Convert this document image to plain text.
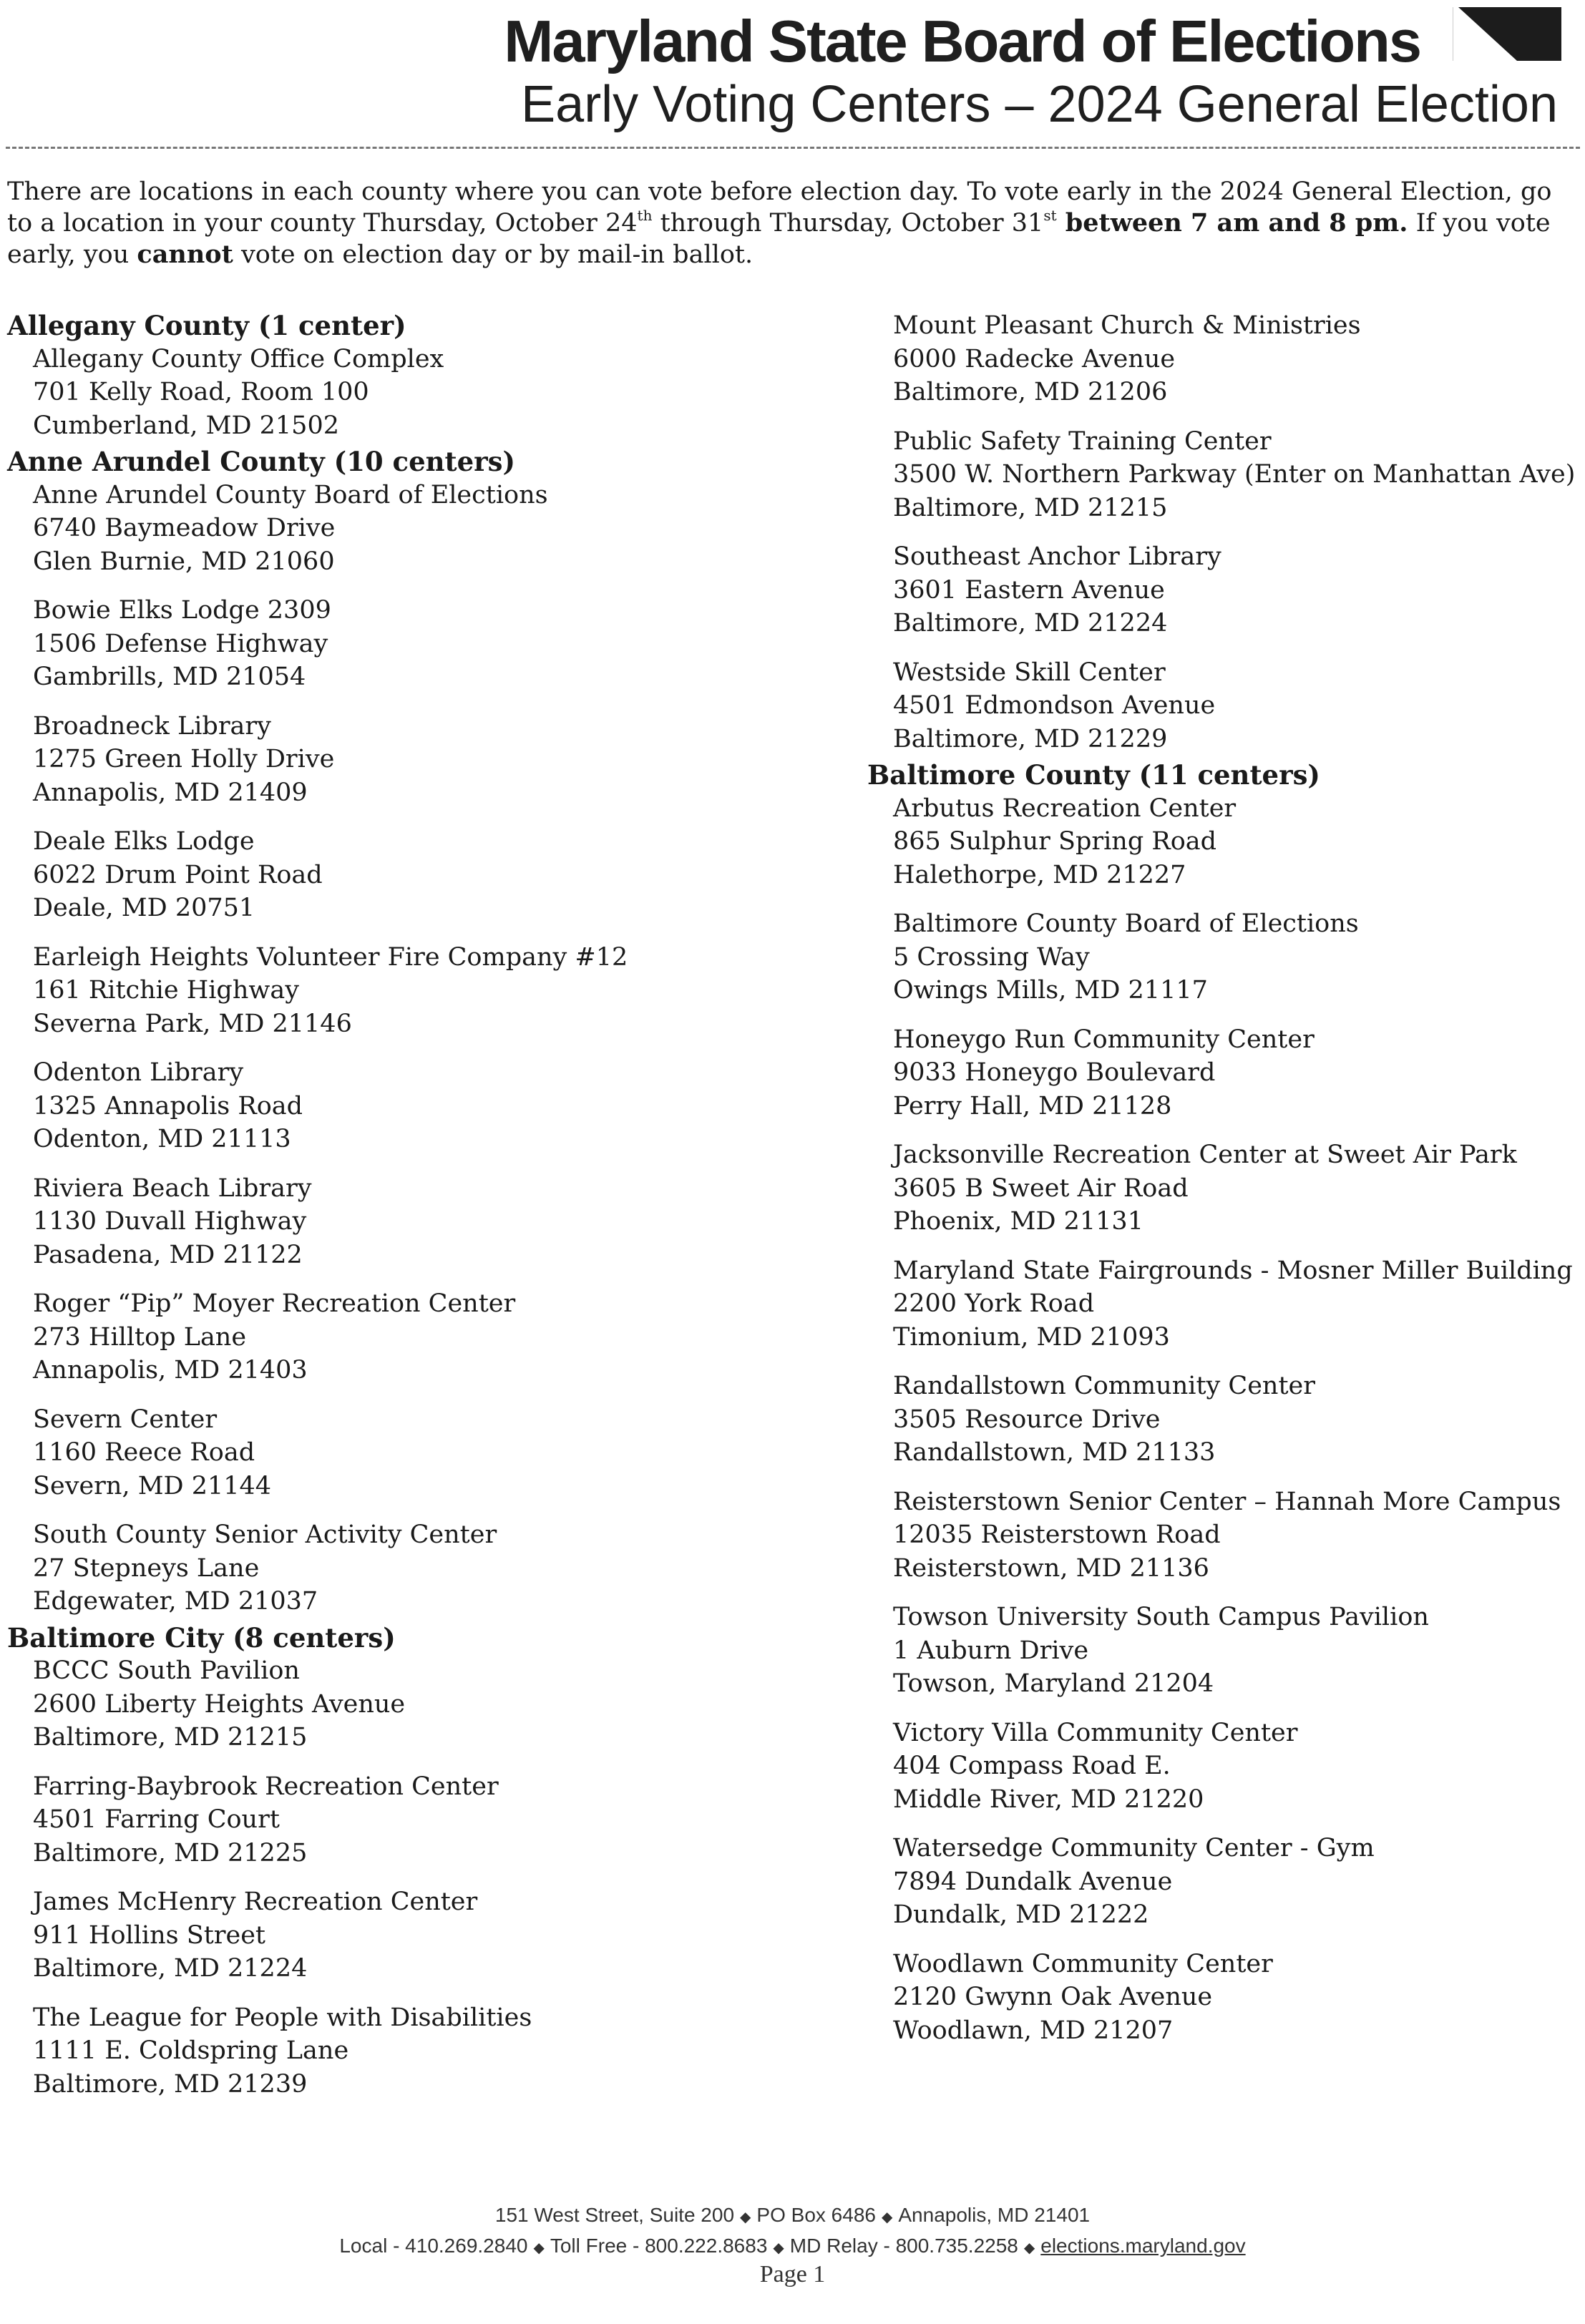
Maryland State Board of Elections
Early Voting Centers – 2024 General Election
There are locations in each county where you can vote before election day. To vote early in the 2024 General Election, go to a location in your county Thursday, October 24th through Thursday, October 31st between 7 am and 8 pm. If you vote early, you cannot vote on election day or by mail-in ballot.
Allegany County (1 center)
Allegany County Office Complex
701 Kelly Road, Room 100
Cumberland, MD 21502
Anne Arundel County (10 centers)
Anne Arundel County Board of Elections
6740 Baymeadow Drive
Glen Burnie, MD 21060
Bowie Elks Lodge 2309
1506 Defense Highway
Gambrills, MD 21054
Broadneck Library
1275 Green Holly Drive
Annapolis, MD 21409
Deale Elks Lodge
6022 Drum Point Road
Deale, MD 20751
Earleigh Heights Volunteer Fire Company #12
161 Ritchie Highway
Severna Park, MD 21146
Odenton Library
1325 Annapolis Road
Odenton, MD 21113
Riviera Beach Library
1130 Duvall Highway
Pasadena, MD 21122
Roger “Pip” Moyer Recreation Center
273 Hilltop Lane
Annapolis, MD 21403
Severn Center
1160 Reece Road
Severn, MD 21144
South County Senior Activity Center
27 Stepneys Lane
Edgewater, MD 21037
Baltimore City (8 centers)
BCCC South Pavilion
2600 Liberty Heights Avenue
Baltimore, MD 21215
Farring-Baybrook Recreation Center
4501 Farring Court
Baltimore, MD 21225
James McHenry Recreation Center
911 Hollins Street
Baltimore, MD 21224
The League for People with Disabilities
1111 E. Coldspring Lane
Baltimore, MD 21239
Mount Pleasant Church & Ministries
6000 Radecke Avenue
Baltimore, MD 21206
Public Safety Training Center
3500 W. Northern Parkway (Enter on Manhattan Ave)
Baltimore, MD 21215
Southeast Anchor Library
3601 Eastern Avenue
Baltimore, MD 21224
Westside Skill Center
4501 Edmondson Avenue
Baltimore, MD 21229
Baltimore County (11 centers)
Arbutus Recreation Center
865 Sulphur Spring Road
Halethorpe, MD 21227
Baltimore County Board of Elections
5 Crossing Way
Owings Mills, MD 21117
Honeygo Run Community Center
9033 Honeygo Boulevard
Perry Hall, MD 21128
Jacksonville Recreation Center at Sweet Air Park
3605 B Sweet Air Road
Phoenix, MD 21131
Maryland State Fairgrounds - Mosner Miller Building
2200 York Road
Timonium, MD 21093
Randallstown Community Center
3505 Resource Drive
Randallstown, MD 21133
Reisterstown Senior Center – Hannah More Campus
12035 Reisterstown Road
Reisterstown, MD 21136
Towson University South Campus Pavilion
1 Auburn Drive
Towson, Maryland 21204
Victory Villa Community Center
404 Compass Road E.
Middle River, MD 21220
Watersedge Community Center - Gym
7894 Dundalk Avenue
Dundalk, MD 21222
Woodlawn Community Center
2120 Gwynn Oak Avenue
Woodlawn, MD 21207
151 West Street, Suite 200 ◆ PO Box 6486 ◆ Annapolis, MD 21401
Local - 410.269.2840 ◆ Toll Free - 800.222.8683 ◆ MD Relay - 800.735.2258 ◆ elections.maryland.gov
Page 1
